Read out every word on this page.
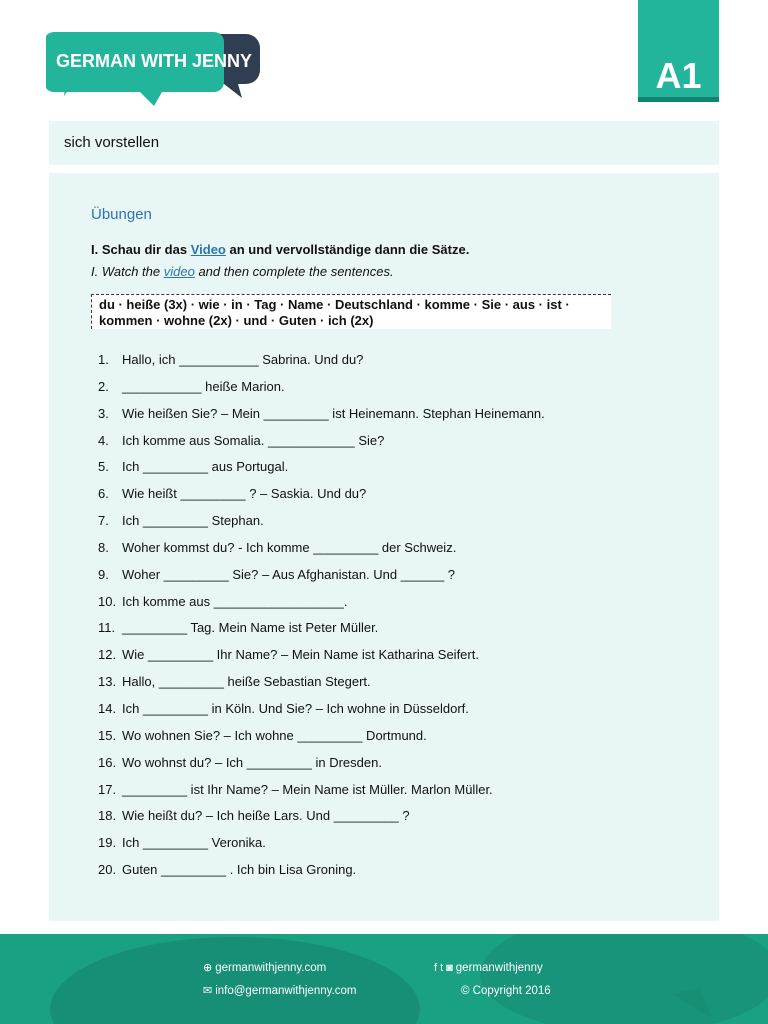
GERMAN WITH JENNY	A1
sich vorstellen
Übungen
I. Schau dir das Video an und vervollständige dann die Sätze.
I. Watch the video and then complete the sentences.
du · heiße (3x) · wie · in · Tag · Name · Deutschland · komme · Sie · aus · ist ·
kommen · wohne (2x) · und · Guten · ich (2x)
1. Hallo, ich ___________ Sabrina. Und du?
2. ___________ heiße Marion.
3. Wie heißen Sie? – Mein _________ ist Heinemann. Stephan Heinemann.
4. Ich komme aus Somalia. ____________ Sie?
5. Ich _________ aus Portugal.
6. Wie heißt _________ ? – Saskia. Und du?
7. Ich _________ Stephan.
8. Woher kommst du? - Ich komme _________ der Schweiz.
9. Woher _________ Sie? – Aus Afghanistan. Und ______ ?
10. Ich komme aus __________________.
11. _________ Tag. Mein Name ist Peter Müller.
12. Wie _________ Ihr Name? – Mein Name ist Katharina Seifert.
13. Hallo, _________ heiße Sebastian Stegert.
14. Ich _________ in Köln. Und Sie? – Ich wohne in Düsseldorf.
15. Wo wohnen Sie? – Ich wohne _________ Dortmund.
16. Wo wohnst du? – Ich _________ in Dresden.
17. _________ ist Ihr Name? – Mein Name ist Müller. Marlon Müller.
18. Wie heißt du? – Ich heiße Lars. Und _________ ?
19. Ich _________ Veronika.
20. Guten _________ . Ich bin Lisa Groning.
⊕ germanwithjenny.com
✉ info@germanwithjenny.com
f t ◙ germanwithjenny
© Copyright 2016
